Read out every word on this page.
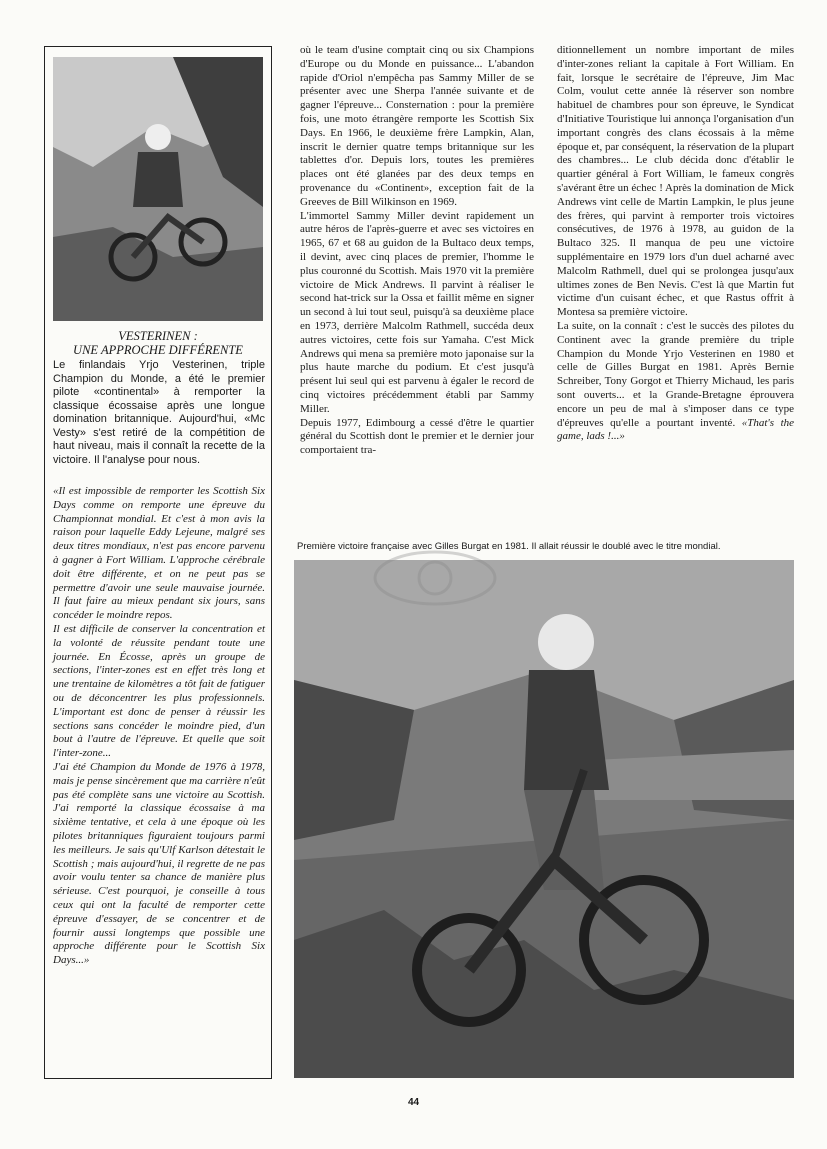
VESTERINEN :
UNE APPROCHE DIFFÉRENTE

Le finlandais Yrjo Vesterinen, triple Champion du Monde, a été le premier pilote «continental» à remporter la classique écossaise après une longue domination britannique. Aujourd'hui, «Mc Vesty» s'est retiré de la compétition de haut niveau, mais il connaît la recette de la victoire. Il l'analyse pour nous.

«Il est impossible de remporter les Scottish Six Days comme on remporte une épreuve du Championnat mondial. Et c'est à mon avis la raison pour laquelle Eddy Lejeune, malgré ses deux titres mondiaux, n'est pas encore parvenu à gagner à Fort William. L'approche cérébrale doit être différente, et on ne peut pas se permettre d'avoir une seule mauvaise journée. Il faut faire au mieux pendant six jours, sans concéder le moindre repos.

Il est difficile de conserver la concentration et la volonté de réussite pendant toute une journée. En Écosse, après un groupe de sections, l'inter-zones est en effet très long et une trentaine de kilomètres a tôt fait de fatiguer ou de déconcentrer les plus professionnels. L'important est donc de penser à réussir les sections sans concéder le moindre pied, d'un bout à l'autre de l'épreuve. Et quelle que soit l'inter-zone...

J'ai été Champion du Monde de 1976 à 1978, mais je pense sincèrement que ma carrière n'eût pas été complète sans une victoire au Scottish. J'ai remporté la classique écossaise à ma sixième tentative, et cela à une époque où les pilotes britanniques figuraient toujours parmi les meilleurs. Je sais qu'Ulf Karlson détestait le Scottish ; mais aujourd'hui, il regrette de ne pas avoir voulu tenter sa chance de manière plus sérieuse. C'est pourquoi, je conseille à tous ceux qui ont la faculté de remporter cette épreuve d'essayer, de se concentrer et de fournir aussi longtemps que possible une approche différente pour le Scottish Six Days...»

où le team d'usine comptait cinq ou six Champions d'Europe ou du Monde en puissance... L'abandon rapide d'Oriol n'empêcha pas Sammy Miller de se présenter avec une Sherpa l'année suivante et de gagner l'épreuve... Consternation : pour la première fois, une moto étrangère remporte les Scottish Six Days. En 1966, le deuxième frère Lampkin, Alan, inscrit le dernier quatre temps britannique sur les tablettes d'or. Depuis lors, toutes les premières places ont été glanées par des deux temps en provenance du «Continent», exception fait de la Greeves de Bill Wilkinson en 1969.

L'immortel Sammy Miller devint rapidement un autre héros de l'après-guerre et avec ses victoires en 1965, 67 et 68 au guidon de la Bultaco deux temps, il devint, avec cinq places de premier, l'homme le plus couronné du Scottish. Mais 1970 vit la première victoire de Mick Andrews. Il parvint à réaliser le second hat-trick sur la Ossa et faillit même en signer un second à lui tout seul, puisqu'à sa deuxième place en 1973, derrière Malcolm Rathmell, succéda deux autres victoires, cette fois sur Yamaha. C'est Mick Andrews qui mena sa première moto japonaise sur la plus haute marche du podium. Et c'est jusqu'à présent lui seul qui est parvenu à égaler le record de cinq victoires précédemment établi par Sammy Miller.

Depuis 1977, Edimbourg a cessé d'être le quartier général du Scottish dont le premier et le dernier jour comportaient tra-

ditionnellement un nombre important de miles d'inter-zones reliant la capitale à Fort William. En fait, lorsque le secrétaire de l'épreuve, Jim Mac Colm, voulut cette année là réserver son nombre habituel de chambres pour son épreuve, le Syndicat d'Initiative Touristique lui annonça l'organisation d'un important congrès des clans écossais à la même époque et, par conséquent, la réservation de la plupart des chambres... Le club décida donc d'établir le quartier général à Fort William, le fameux congrès s'avérant être un échec ! Après la domination de Mick Andrews vint celle de Martin Lampkin, le plus jeune des frères, qui parvint à remporter trois victoires consécutives, de 1976 à 1978, au guidon de la Bultaco 325. Il manqua de peu une victoire supplémentaire en 1979 lors d'un duel acharné avec Malcolm Rathmell, duel qui se prolongea jusqu'aux ultimes zones de Ben Nevis. C'est là que Martin fut victime d'un cuisant échec, et que Rastus offrit à Montesa sa première victoire.

La suite, on la connaît : c'est le succès des pilotes du Continent avec la grande première du triple Champion du Monde Yrjo Vesterinen en 1980 et celle de Gilles Burgat en 1981. Après Bernie Schreiber, Tony Gorgot et Thierry Michaud, les paris sont ouverts... et la Grande-Bretagne éprouvera encore un peu de mal à s'imposer dans ce type d'épreuves qu'elle a pourtant inventé. «That's the game, lads !...»

Première victoire française avec Gilles Burgat en 1981. Il allait réussir le doublé avec le titre mondial.
44
